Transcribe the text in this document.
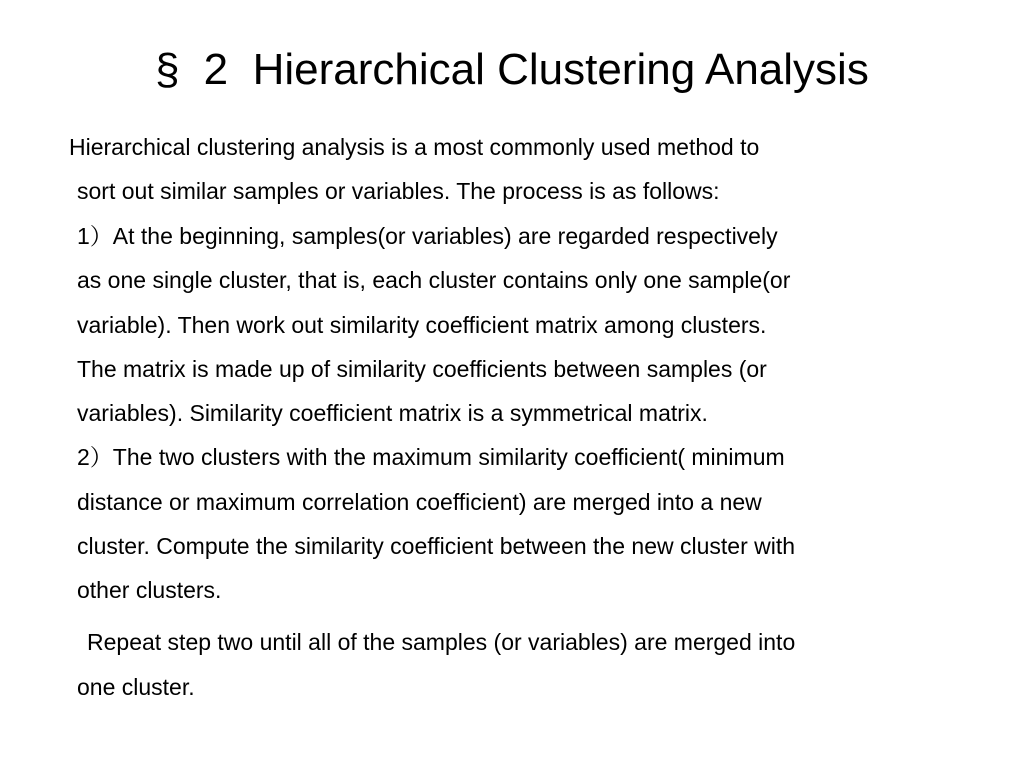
§ 2  Hierarchical Clustering Analysis
Hierarchical clustering analysis is a most commonly used method to
sort out similar samples or variables. The process is as follows:
1）At the beginning, samples(or variables) are regarded respectively
as one single cluster, that is, each cluster contains only one sample(or
variable). Then work out similarity coefficient matrix among clusters.
The matrix is made up of similarity coefficients between samples (or
variables). Similarity coefficient matrix is a symmetrical matrix.
2）The two clusters with the maximum similarity coefficient( minimum
distance or maximum correlation coefficient) are merged into a new
cluster. Compute the similarity coefficient between the new cluster with
other clusters.
Repeat step two until all of the samples (or variables) are merged into
one cluster.
